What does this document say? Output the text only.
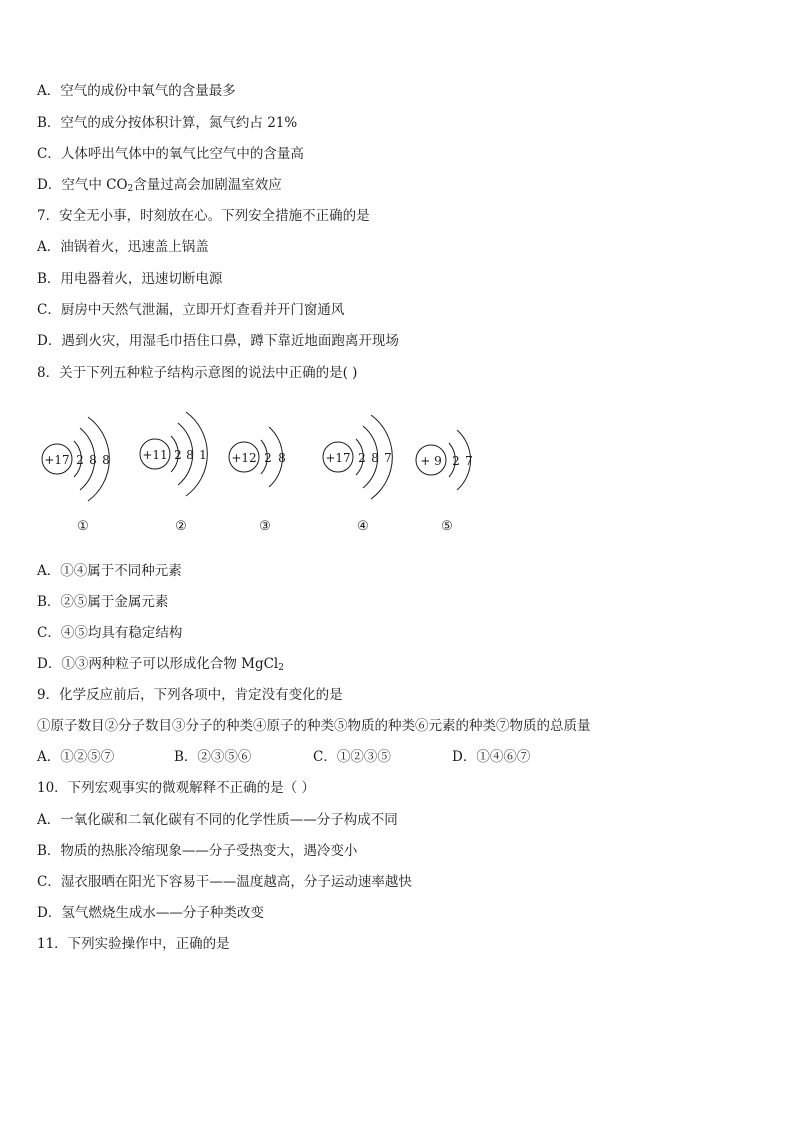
A．空气的成份中氧气的含量最多
B．空气的成分按体积计算，氮气约占 21%
C．人体呼出气体中的氧气比空气中的含量高
D．空气中 $CO_2$含量过高会加剧温室效应
7．安全无小事，时刻放在心。下列安全措施不正确的是
A．油锅着火，迅速盖上锅盖
B．用电器着火，迅速切断电源
C．厨房中天然气泄漏，立即开灯查看并开门窗通风
D．遇到火灾，用湿毛巾捂住口鼻，蹲下靠近地面跑离开现场
8．关于下列五种粒子结构示意图的说法中正确的是( )
+17 2 8 8
①
+11 2 8 1
②
+12 2 8
③
+17 2 8 7
④
+ 9 2 7
⑤
A．①④属于不同种元素
B．②⑤属于金属元素
C．④⑤均具有稳定结构
D．①③两种粒子可以形成化合物 MgCl$_2$
9．化学反应前后，下列各项中，肯定没有变化的是
①原子数目②分子数目③分子的种类④原子的种类⑤物质的种类⑥元素的种类⑦物质的总质量
A．①②⑤⑦	B．②③⑤⑥	C．①②③⑤	D．①④⑥⑦
10．下列宏观事实的微观解释不正确的是（ ）
A．一氧化碳和二氧化碳有不同的化学性质——分子构成不同
B．物质的热胀冷缩现象——分子受热变大，遇冷变小
C．湿衣服晒在阳光下容易干——温度越高，分子运动速率越快
D．氢气燃烧生成水——分子种类改变
11．下列实验操作中，正确的是
